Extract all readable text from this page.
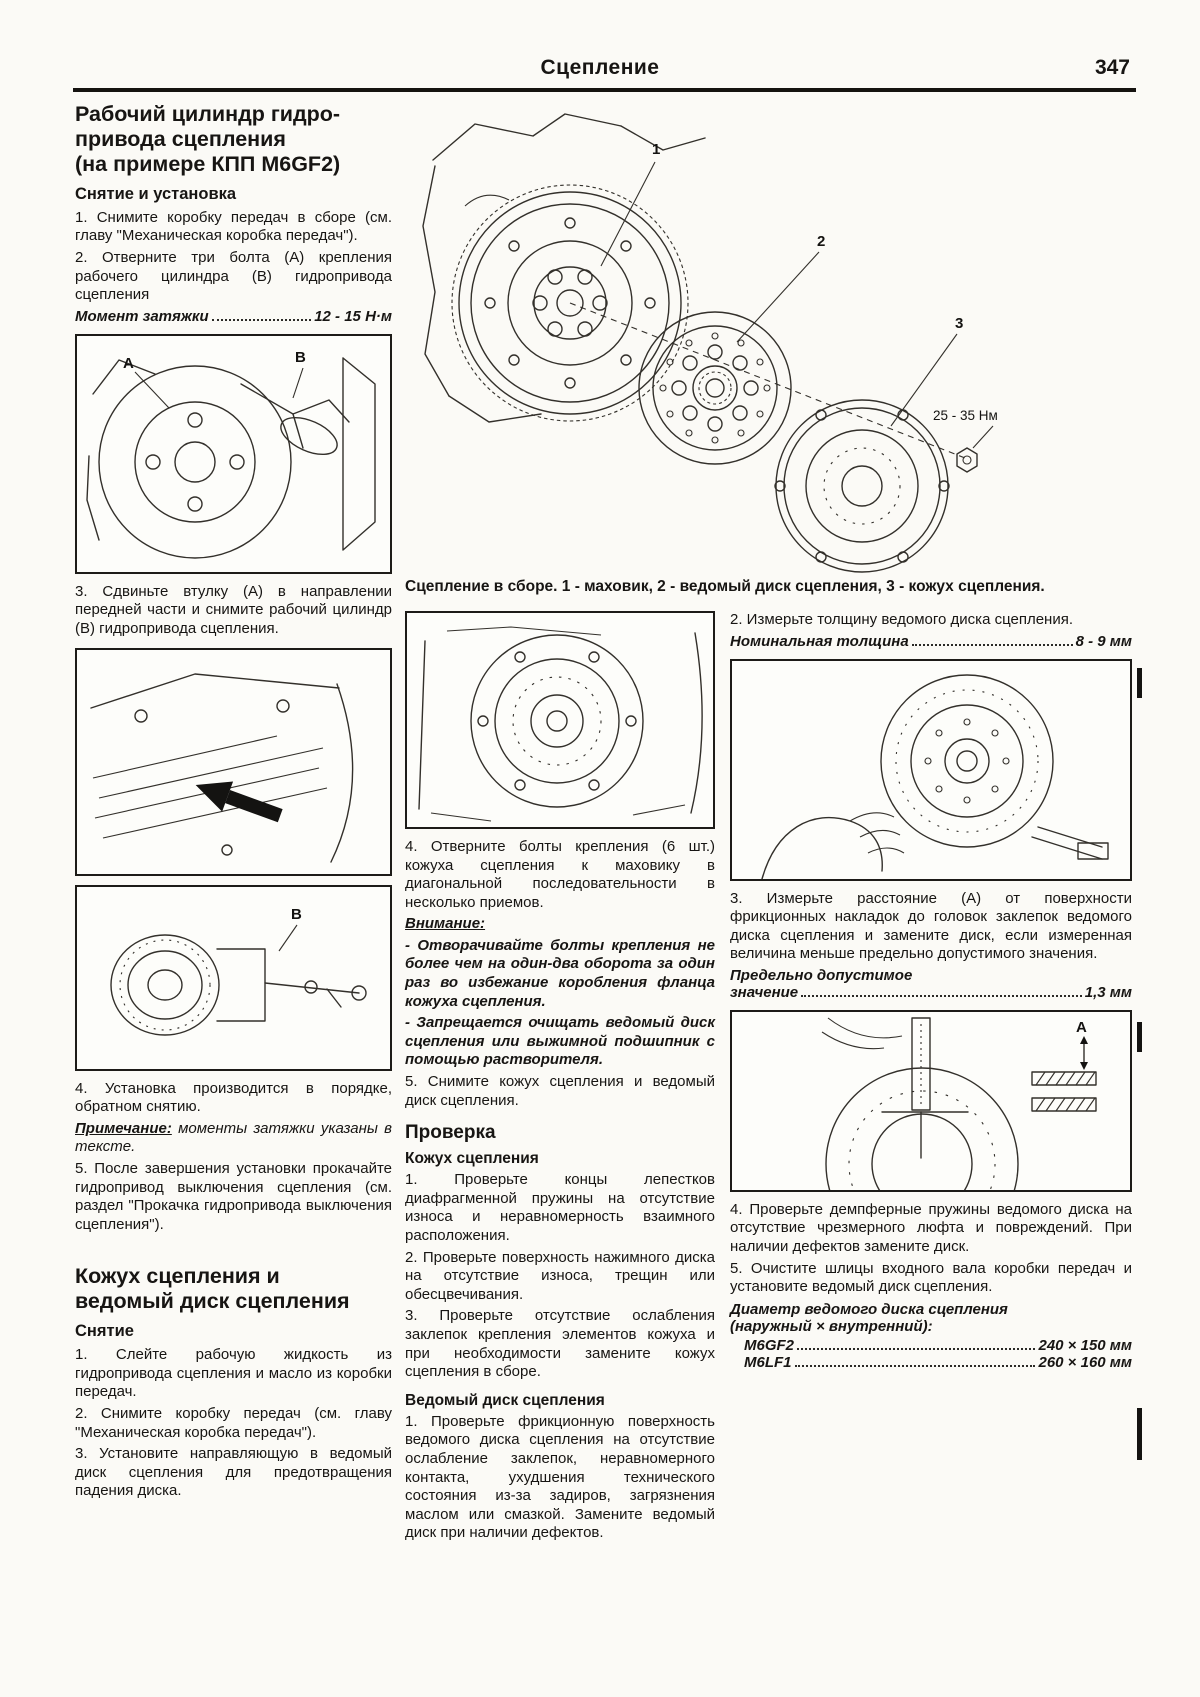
Сцепление	347
Рабочий цилиндр гидро-
привода сцепления
(на примере КПП M6GF2)
Снятие и установка

1. Снимите коробку передач в сборе (см. главу "Механическая коробка передач").

2. Отверните три болта (А) крепления рабочего цилиндра (В) гидропривода сцепления

Момент затяжки	12 - 15 Н·м
A	B

3. Сдвиньте втулку (А) в направлении передней части и снимите рабочий цилиндр (В) гидропривода сцепления.

B

4. Установка производится в порядке, обратном снятию.

Примечание: моменты затяжки указаны в тексте.

5. После завершения установки прокачайте гидропривод выключения сцепления (см. раздел "Прокачка гидропривода выключения сцепления").

Кожух сцепления и
ведомый диск сцепления
Снятие

1. Слейте рабочую жидкость из гидропривода сцепления и масло из коробки передач.

2. Снимите коробку передач (см. главу "Механическая коробка передач").

3. Установите направляющую в ведомый диск сцепления для предотвращения падения диска.

1
2
3
25 - 35 Нм
Сцепление в сборе. 1 - маховик, 2 - ведомый диск сцепления, 3 - кожух сцепления.

4. Отверните болты крепления (6 шт.) кожуха сцепления к маховику в диагональной последовательности в несколько приемов.

Внимание:

- Отворачивайте болты крепления не более чем на один-два оборота за один раз во избежание коробления фланца кожуха сцепления.

- Запрещается очищать ведомый диск сцепления или выжимной подшипник с помощью растворителя.

5. Снимите кожух сцепления и ведомый диск сцепления.

Проверка
Кожух сцепления

1. Проверьте концы лепестков диафрагменной пружины на отсутствие износа и неравномерность взаимного расположения.

2. Проверьте поверхность нажимного диска на отсутствие износа, трещин или обесцвечивания.

3. Проверьте отсутствие ослабления заклепок крепления элементов кожуха и при необходимости замените кожух сцепления в сборе.

Ведомый диск сцепления

1. Проверьте фрикционную поверхность ведомого диска сцепления на отсутствие ослабление заклепок, неравномерного контакта, ухудшения технического состояния из-за задиров, загрязнения маслом или смазкой. Замените ведомый диск при наличии дефектов.

2. Измерьте толщину ведомого диска сцепления.

Номинальная толщина	8 - 9 мм

3. Измерьте расстояние (А) от поверхности фрикционных накладок до головок заклепок ведомого диска сцепления и замените диск, если измеренная величина меньше предельно допустимого значения.

Предельно допустимое
значение	1,3 мм
A

4. Проверьте демпферные пружины ведомого диска на отсутствие чрезмерного люфта и повреждений. При наличии дефектов замените диск.

5. Очистите шлицы входного вала коробки передач и установите ведомый диск сцепления.

Диаметр ведомого диска сцепления
(наружный × внутренний):
M6GF2	240 × 150 мм
M6LF1	260 × 160 мм
